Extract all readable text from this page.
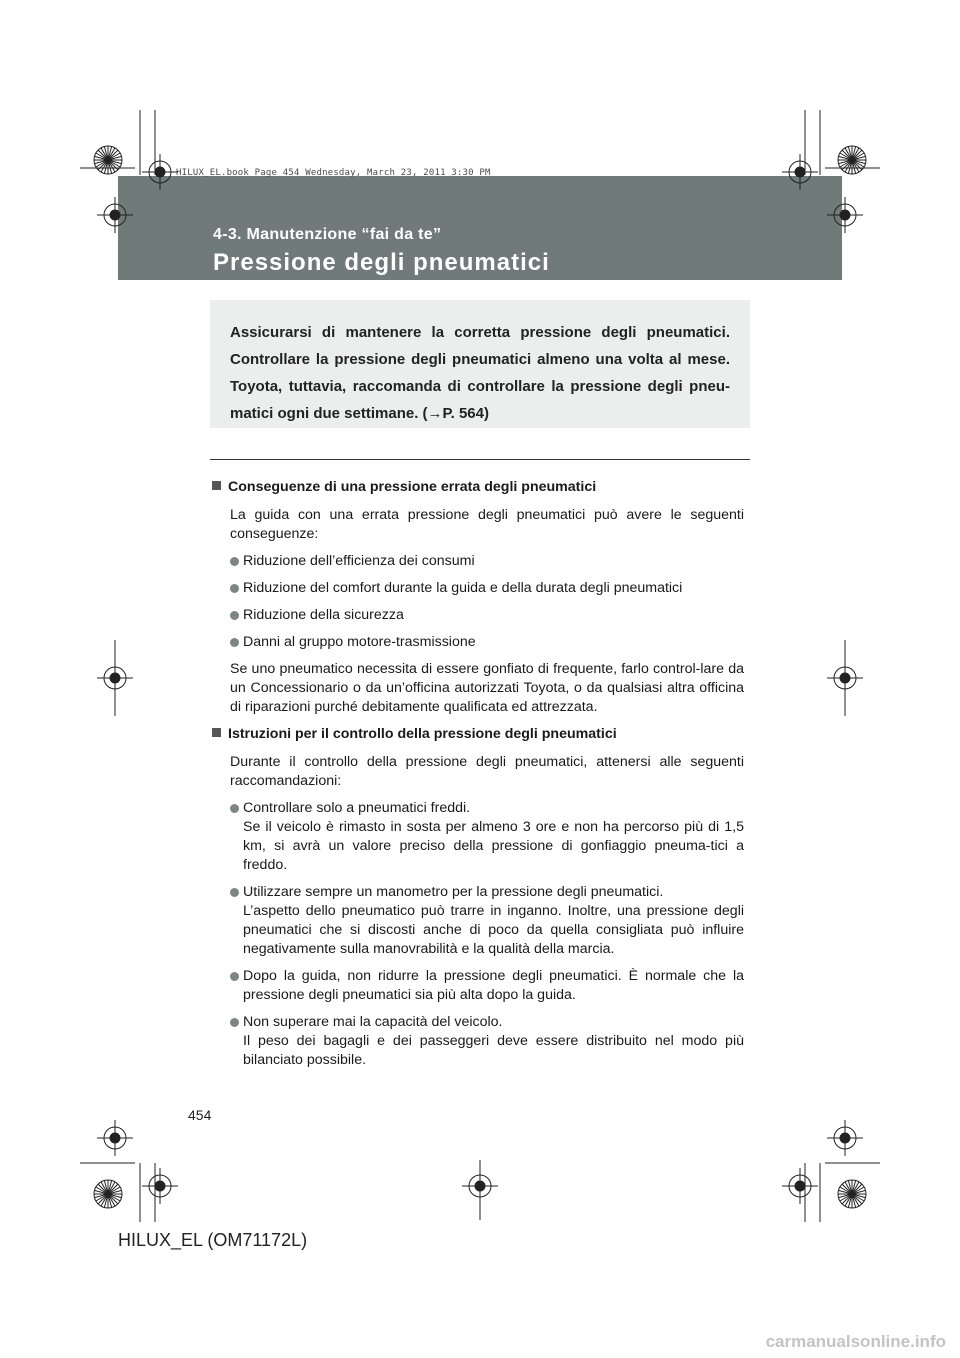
HILUX_EL.book Page 454 Wednesday, March 23, 2011 3:30 PM
4-3. Manutenzione “fai da te”
Pressione degli pneumatici
Assicurarsi di mantenere la corretta pressione degli pneumatici. Controllare la pressione degli pneumatici almeno una volta al mese. Toyota, tuttavia, raccomanda di controllare la pressione degli pneu-matici ogni due settimane. (→P. 564)
Conseguenze di una pressione errata degli pneumatici
La guida con una errata pressione degli pneumatici può avere le seguenti conseguenze:
Riduzione dell’efficienza dei consumi
Riduzione del comfort durante la guida e della durata degli pneumatici
Riduzione della sicurezza
Danni al gruppo motore-trasmissione
Se uno pneumatico necessita di essere gonfiato di frequente, farlo control-lare da un Concessionario o da un’officina autorizzati Toyota, o da qualsiasi altra officina di riparazioni purché debitamente qualificata ed attrezzata.
Istruzioni per il controllo della pressione degli pneumatici
Durante il controllo della pressione degli pneumatici, attenersi alle seguenti raccomandazioni:
Controllare solo a pneumatici freddi.
Se il veicolo è rimasto in sosta per almeno 3 ore e non ha percorso più di 1,5 km, si avrà un valore preciso della pressione di gonfiaggio pneuma-tici a freddo.
Utilizzare sempre un manometro per la pressione degli pneumatici.
L’aspetto dello pneumatico può trarre in inganno. Inoltre, una pressione degli pneumatici che si discosti anche di poco da quella consigliata può influire negativamente sulla manovrabilità e la qualità della marcia.
Dopo la guida, non ridurre la pressione degli pneumatici. È normale che la pressione degli pneumatici sia più alta dopo la guida.
Non superare mai la capacità del veicolo.
Il peso dei bagagli e dei passeggeri deve essere distribuito nel modo più bilanciato possibile.
454
HILUX_EL (OM71172L)
carmanualsonline.info
